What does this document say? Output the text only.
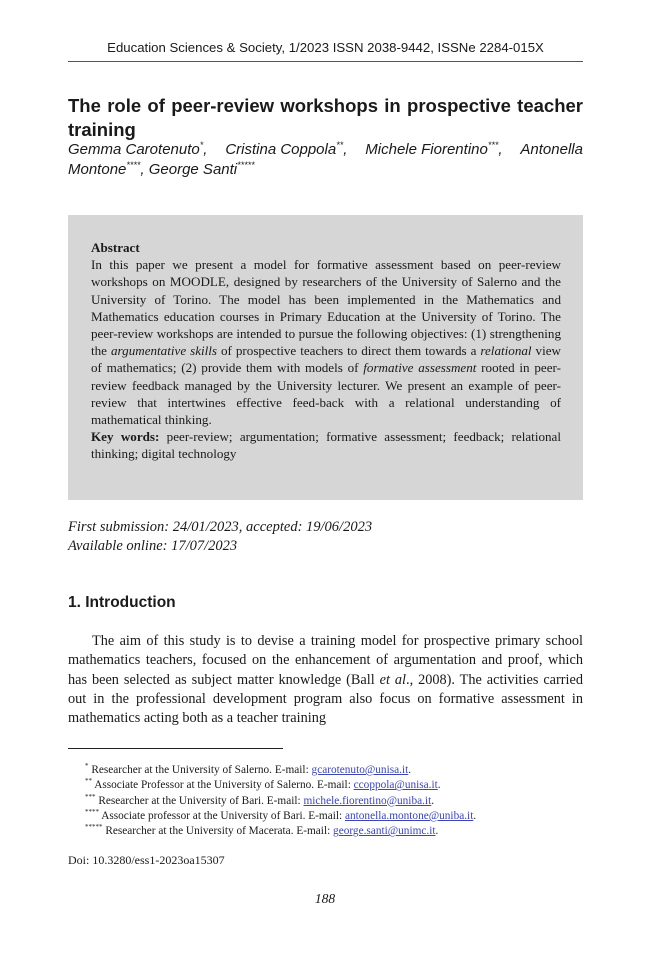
Education Sciences & Society, 1/2023 ISSN 2038-9442, ISSNe 2284-015X
The role of peer-review workshops in prospective teacher training
Gemma Carotenuto*, Cristina Coppola**, Michele Fiorentino***, Antonella
Montone****, George Santi*****
Abstract
In this paper we present a model for formative assessment based on peer-review workshops on MOODLE, designed by researchers of the University of Salerno and the University of Torino. The model has been implemented in the Mathematics and Mathematics education courses in Primary Education at the University of Torino. The peer-review workshops are intended to pursue the following objectives: (1) strengthening the argumentative skills of prospective teachers to direct them towards a relational view of mathematics; (2) provide them with models of formative assessment rooted in peer-review feedback managed by the University lecturer. We present an example of peer-review that intertwines effective feed-back with a relational understanding of mathematical thinking.
Key words: peer-review; argumentation; formative assessment; feedback; relational thinking; digital technology
First submission: 24/01/2023, accepted: 19/06/2023
Available online: 17/07/2023
1. Introduction
The aim of this study is to devise a training model for prospective primary school mathematics teachers, focused on the enhancement of argumentation and proof, which has been selected as subject matter knowledge (Ball et al., 2008). The activities carried out in the professional development program also focus on formative assessment in mathematics acting both as a teacher training
* Researcher at the University of Salerno. E-mail: gcarotenuto@unisa.it.
** Associate Professor at the University of Salerno. E-mail: ccoppola@unisa.it.
*** Researcher at the University of Bari. E-mail: michele.fiorentino@uniba.it.
**** Associate professor at the University of Bari. E-mail: antonella.montone@uniba.it.
***** Researcher at the University of Macerata. E-mail: george.santi@unimc.it.
Doi: 10.3280/ess1-2023oa15307
188
